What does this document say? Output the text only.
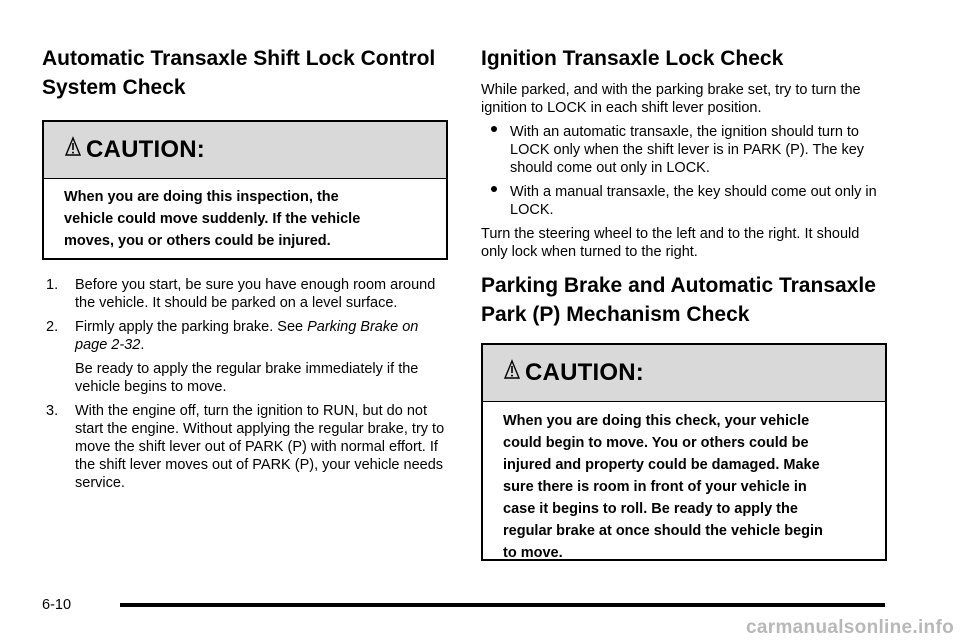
Automatic Transaxle Shift Lock Control System Check
CAUTION:
When you are doing this inspection, the
vehicle could move suddenly. If the vehicle
moves, you or others could be injured.
1. Before you start, be sure you have enough room around the vehicle. It should be parked on a level surface.
2. Firmly apply the parking brake. See Parking Brake on page 2-32.
Be ready to apply the regular brake immediately if the vehicle begins to move.
3. With the engine off, turn the ignition to RUN, but do not start the engine. Without applying the regular brake, try to move the shift lever out of PARK (P) with normal effort. If the shift lever moves out of PARK (P), your vehicle needs service.
Ignition Transaxle Lock Check

While parked, and with the parking brake set, try to turn the ignition to LOCK in each shift lever position.

With an automatic transaxle, the ignition should turn to LOCK only when the shift lever is in PARK (P). The key should come out only in LOCK.
With a manual transaxle, the key should come out only in LOCK.

Turn the steering wheel to the left and to the right. It should only lock when turned to the right.

Parking Brake and Automatic Transaxle Park (P) Mechanism Check
CAUTION:
When you are doing this check, your vehicle
could begin to move. You or others could be
injured and property could be damaged. Make
sure there is room in front of your vehicle in
case it begins to roll. Be ready to apply the
regular brake at once should the vehicle begin
to move.
6-10
carmanualsonline.info
